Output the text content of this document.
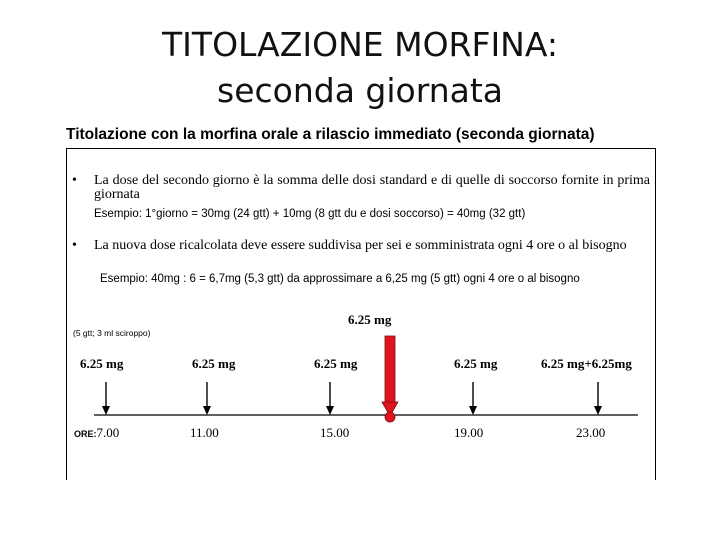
TITOLAZIONE MORFINA:
seconda giornata
Titolazione con la morfina orale a rilascio immediato (seconda giornata)
• La dose del secondo giorno è la somma delle dosi standard e di quelle di soccorso fornite in prima giornata
Esempio: 1°giorno = 30mg (24 gtt) + 10mg (8 gtt du e dosi soccorso) = 40mg (32 gtt)
• La nuova dose ricalcolata deve essere suddivisa per sei e somministrata ogni 4 ore o al bisogno
Esempio: 40mg : 6 = 6,7mg (5,3 gtt) da approssimare a 6,25 mg (5 gtt) ogni 4 ore o al bisogno
(5 gtt; 3 ml sciroppo)
6.25 mg
6.25 mg	6.25 mg	6.25 mg	6.25 mg	6.25 mg+6.25mg
ORE:7.00	11.00	15.00	19.00	23.00
